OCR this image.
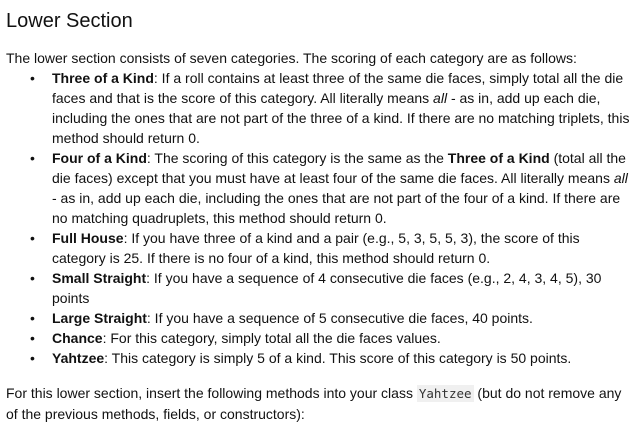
Lower Section

The lower section consists of seven categories. The scoring of each category are as follows:

• Three of a Kind: If a roll contains at least three of the same die faces, simply total all the die faces and that is the score of this category. All literally means all - as in, add up each die, including the ones that are not part of the three of a kind. If there are no matching triplets, this method should return 0.
• Four of a Kind: The scoring of this category is the same as the Three of a Kind (total all the die faces) except that you must have at least four of the same die faces. All literally means all - as in, add up each die, including the ones that are not part of the four of a kind. If there are no matching quadruplets, this method should return 0.
• Full House: If you have three of a kind and a pair (e.g., 5, 3, 5, 5, 3), the score of this category is 25. If there is no four of a kind, this method should return 0.
• Small Straight: If you have a sequence of 4 consecutive die faces (e.g., 2, 4, 3, 4, 5), 30 points
• Large Straight: If you have a sequence of 5 consecutive die faces, 40 points.
• Chance: For this category, simply total all the die faces values.
• Yahtzee: This category is simply 5 of a kind. This score of this category is 50 points.

For this lower section, insert the following methods into your class Yahtzee (but do not remove any of the previous methods, fields, or constructors):
